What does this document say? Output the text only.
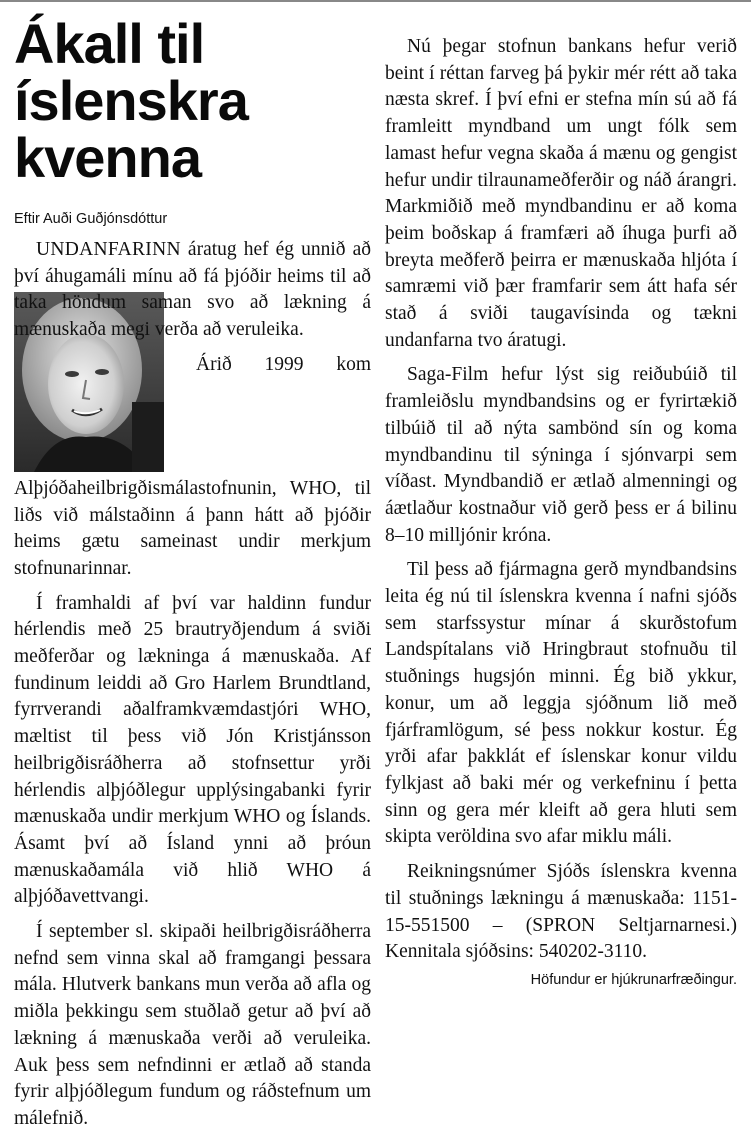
Ákall til
íslenskra
kvenna
Eftir Auði Guðjónsdóttur

UNDANFARINN áratug hef ég unnið að því áhugamáli mínu að fá þjóðir heims til að taka höndum saman svo að lækning á mænuskaða megi verða að veruleika.

Árið 1999 kom Alþjóðaheilbrigðismálastofnunin, WHO, til liðs við málstaðinn á þann hátt að þjóðir heims gætu sameinast undir merkjum stofnunarinnar.

Í framhaldi af því var haldinn fundur hérlendis með 25 brautryðjendum á sviði meðferðar og lækninga á mænuskaða. Af fundinum leiddi að Gro Harlem Brundtland, fyrrverandi aðalframkvæmdastjóri WHO, mæltist til þess við Jón Kristjánsson heilbrigðisráðherra að stofnsettur yrði hérlendis alþjóðlegur upplýsingabanki fyrir mænuskaða undir merkjum WHO og Íslands. Ásamt því að Ísland ynni að þróun mænuskaðamála við hlið WHO á alþjóðavettvangi.

Í september sl. skipaði heilbrigðisráðherra nefnd sem vinna skal að framgangi þessara mála. Hlutverk bankans mun verða að afla og miðla þekkingu sem stuðlað getur að því að lækning á mænuskaða verði að veruleika. Auk þess sem nefndinni er ætlað að standa fyrir alþjóðlegum fundum og ráðstefnum um málefnið.

Nú þegar stofnun bankans hefur verið beint í réttan farveg þá þykir mér rétt að taka næsta skref. Í því efni er stefna mín sú að fá framleitt myndband um ungt fólk sem lamast hefur vegna skaða á mænu og gengist hefur undir tilraunameðferðir og náð árangri. Markmiðið með myndbandinu er að koma þeim boðskap á framfæri að íhuga þurfi að breyta meðferð þeirra er mænuskaða hljóta í samræmi við þær framfarir sem átt hafa sér stað á sviði taugavísinda og tækni undanfarna tvo áratugi.

Saga-Film hefur lýst sig reiðubúið til framleiðslu myndbandsins og er fyrirtækið tilbúið til að nýta sambönd sín og koma myndbandinu til sýninga í sjónvarpi sem víðast. Myndbandið er ætlað almenningi og áætlaður kostnaður við gerð þess er á bilinu 8–10 milljónir króna.

Til þess að fjármagna gerð myndbandsins leita ég nú til íslenskra kvenna í nafni sjóðs sem starfssystur mínar á skurðstofum Landspítalans við Hringbraut stofnuðu til stuðnings hugsjón minni. Ég bið ykkur, konur, um að leggja sjóðnum lið með fjárframlögum, sé þess nokkur kostur. Ég yrði afar þakklát ef íslenskar konur vildu fylkjast að baki mér og verkefninu í þetta sinn og gera mér kleift að gera hluti sem skipta veröldina svo afar miklu máli.

Reikningsnúmer Sjóðs íslenskra kvenna til stuðnings lækningu á mænuskaða: 1151-15-551500 – (SPRON Seltjarnarnesi.) Kennitala sjóðsins: 540202-3110.

Höfundur er hjúkrunarfræðingur.
